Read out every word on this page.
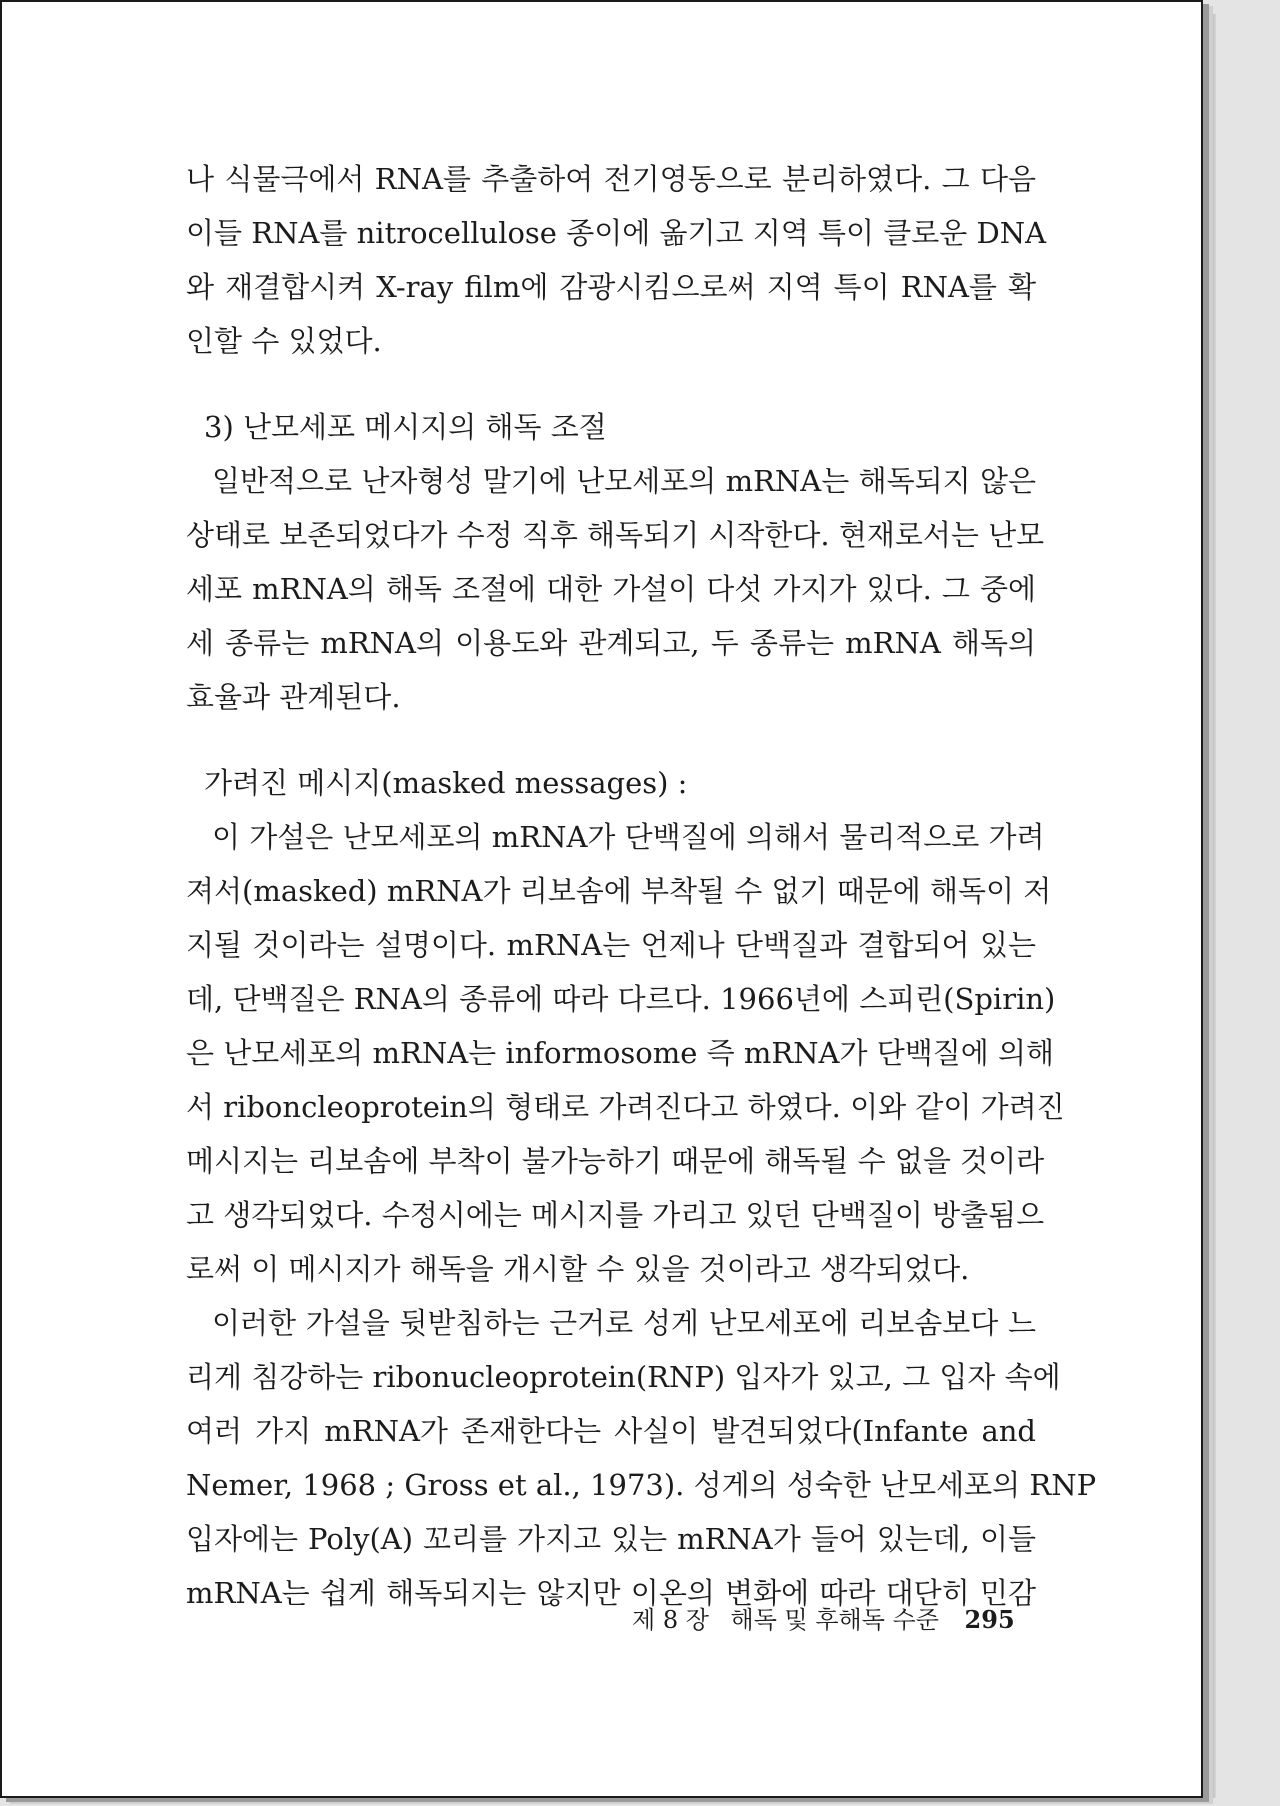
나 식물극에서 RNA를 추출하여 전기영동으로 분리하였다. 그 다음
이들 RNA를 nitrocellulose 종이에 옮기고 지역 특이 클로운 DNA
와 재결합시켜 X-ray film에 감광시킴으로써 지역 특이 RNA를 확
인할 수 있었다.
3) 난모세포 메시지의 해독 조절
일반적으로 난자형성 말기에 난모세포의 mRNA는 해독되지 않은
상태로 보존되었다가 수정 직후 해독되기 시작한다. 현재로서는 난모
세포 mRNA의 해독 조절에 대한 가설이 다섯 가지가 있다. 그 중에
세 종류는 mRNA의 이용도와 관계되고, 두 종류는 mRNA 해독의
효율과 관계된다.
가려진 메시지(masked messages) :
이 가설은 난모세포의 mRNA가 단백질에 의해서 물리적으로 가려
져서(masked) mRNA가 리보솜에 부착될 수 없기 때문에 해독이 저
지될 것이라는 설명이다. mRNA는 언제나 단백질과 결합되어 있는
데, 단백질은 RNA의 종류에 따라 다르다. 1966년에 스피린(Spirin)
은 난모세포의 mRNA는 informosome 즉 mRNA가 단백질에 의해
서 riboncleoprotein의 형태로 가려진다고 하였다. 이와 같이 가려진
메시지는 리보솜에 부착이 불가능하기 때문에 해독될 수 없을 것이라
고 생각되었다. 수정시에는 메시지를 가리고 있던 단백질이 방출됨으
로써 이 메시지가 해독을 개시할 수 있을 것이라고 생각되었다.
이러한 가설을 뒷받침하는 근거로 성게 난모세포에 리보솜보다 느
리게 침강하는 ribonucleoprotein(RNP) 입자가 있고, 그 입자 속에
여러 가지 mRNA가 존재한다는 사실이 발견되었다(Infante and
Nemer, 1968 ; Gross et al., 1973). 성게의 성숙한 난모세포의 RNP
입자에는 Poly(A) 꼬리를 가지고 있는 mRNA가 들어 있는데, 이들
mRNA는 쉽게 해독되지는 않지만 이온의 변화에 따라 대단히 민감
제 8 장 해독 및 후해독 수준 295
